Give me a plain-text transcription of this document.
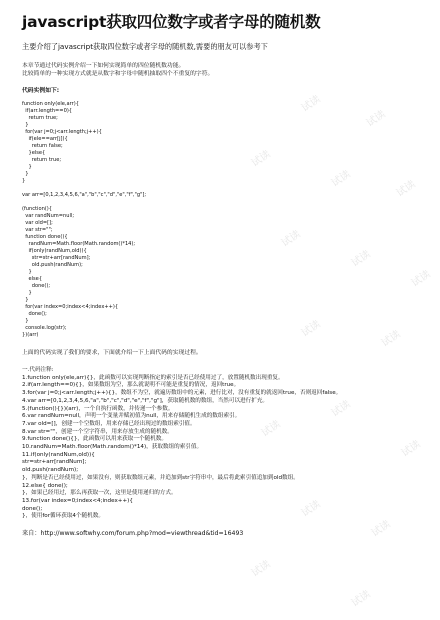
javascript获取四位数字或者字母的随机数
主要介绍了javascript获取四位数字或者字母的随机数,需要的朋友可以参考下
本章节通过代码实例介绍一下如何实现简单的四位随机数功能。
比较简单的一种实现方式就是从数字和字母中随机抽取四个不重复的字符。
代码实例如下:
function only(ele,arr){
if(arr.length==0){
return true;
}
for(var j=0;j<arr.length;j++){
if(ele==arr[j]){
return false;
}else{
return true;
}
}
}
var arr=[0,1,2,3,4,5,6,"a","b","c","d","e","f","g"];
(function(){
var randNum=null;
var old=[];
var str="";
function done(){
randNum=Math.floor(Math.random()*14);
if(only(randNum,old)){
str=str+arr[randNum];
old.push(randNum);
}
else{
done();
}
}
for(var index=0;index<4;index++){
done();
}
console.log(str);
})(arr)
上面的代码实现了我们的要求，下面就介绍一下上面代码的实现过程。
一.代码注释:
1.function only(ele,arr){}，此函数可以实现判断指定的索引是否已经使用过了，放置随机数出现重复。
2.if(arr.length==0){}，如果数组为空，那么就说明不可能是重复的情况，返回true。
3.for(var j=0;j<arr.length;j++){}，数组不为空，就遍历数组中的元素，进行比对，没有重复的就返回true，否则返回false。
4.var arr=[0,1,2,3,4,5,6,"a","b","c","d","e","f","g"]，获取随机数的数组，当然可以进行扩充。
5.(function(){})(arr)，一个自执行函数，并传递一个参数。
6.var randNum=null，声明一个变量并赋初值为null，用来存储随机生成的数组索引。
7.var old=[]，创建一个空数组，用来存储已经出现过的数组索引值。
8.var str=""，创建一个空字符串，用来存放生成的随机数。
9.function done(){}，此函数可以用来获取一个随机数。
10.randNum=Math.floor(Math.random()*14)，获取数组的索引值。
11.if(only(randNum,old)){
str=str+arr[randNum];
old.push(randNum);
}，判断是否已经使用过，如果没有，则获取数组元素，并追加到str字符串中，最后将此索引值追加到old数组。
12.else{ done();
}，如果已经用过，那么再获取一次，这里是使用递归的方式。
13.for(var index=0;index<4;index++){
done();
}，使用for循环获取4个随机数。
来自：http://www.softwhy.com/forum.php?mod=viewthread&tid=16493
试读
试读
试读
试读	试读
试读
试读
试读
试读	试读
试读
试读
试读
试读
试读
试读
试读
